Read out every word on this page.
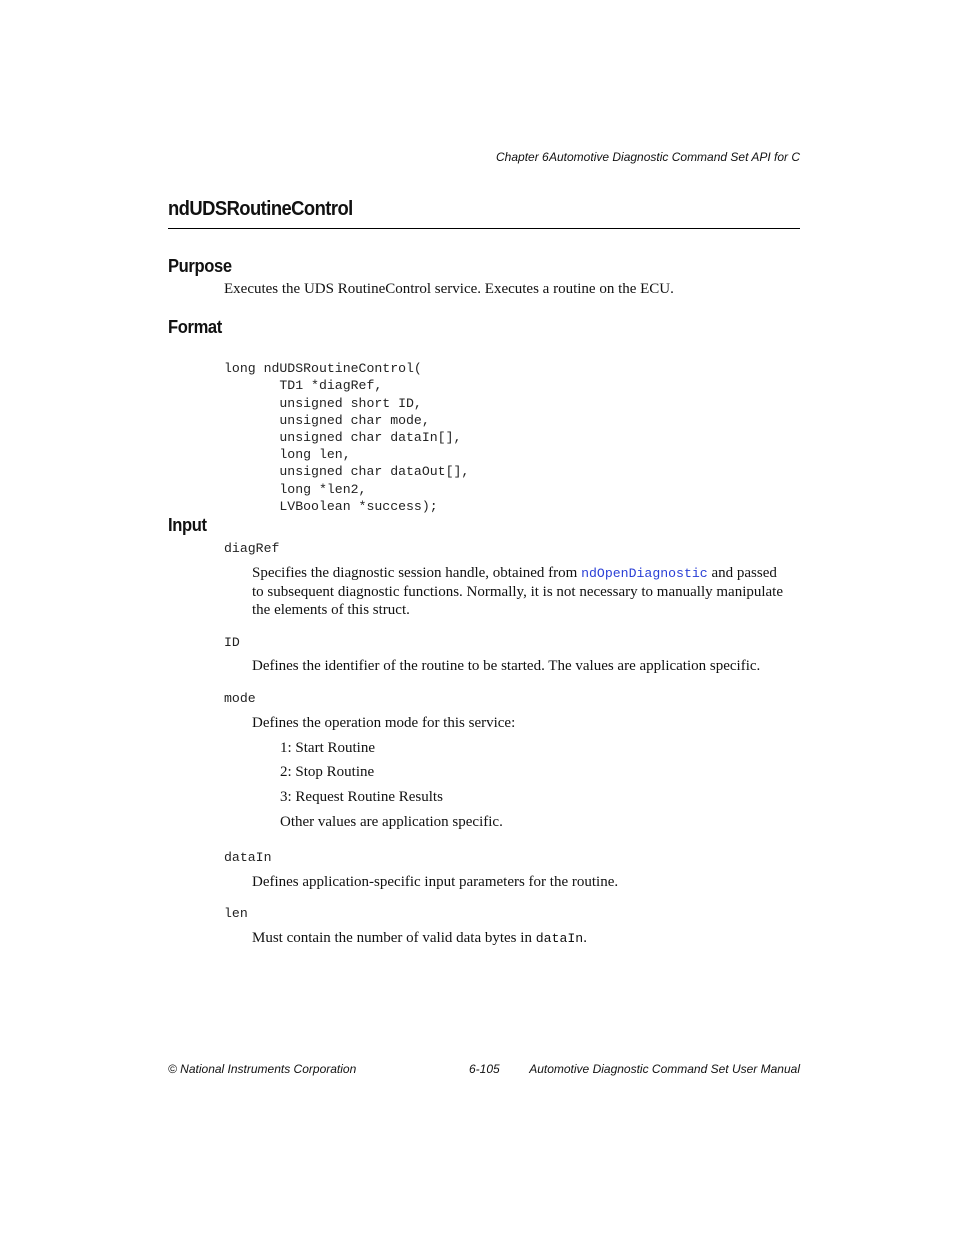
Chapter 6 Automotive Diagnostic Command Set API for C
ndUDSRoutineControl
Purpose
Executes the UDS RoutineControl service. Executes a routine on the ECU.
Format

long ndUDSRoutineControl(
TD1 *diagRef,
unsigned short ID,
unsigned char mode,
unsigned char dataIn[],
long len,
unsigned char dataOut[],
long *len2,
LVBoolean *success);

Input
diagRef
Specifies the diagnostic session handle, obtained from ndOpenDiagnostic and passed
to subsequent diagnostic functions. Normally, it is not necessary to manually manipulate
the elements of this struct.
ID
Defines the identifier of the routine to be started. The values are application specific.
mode
Defines the operation mode for this service:
1: Start Routine
2: Stop Routine
3: Request Routine Results
Other values are application specific.
dataIn
Defines application-specific input parameters for the routine.
len
Must contain the number of valid data bytes in dataIn.
© National Instruments Corporation	6-105 Automotive Diagnostic Command Set User Manual
